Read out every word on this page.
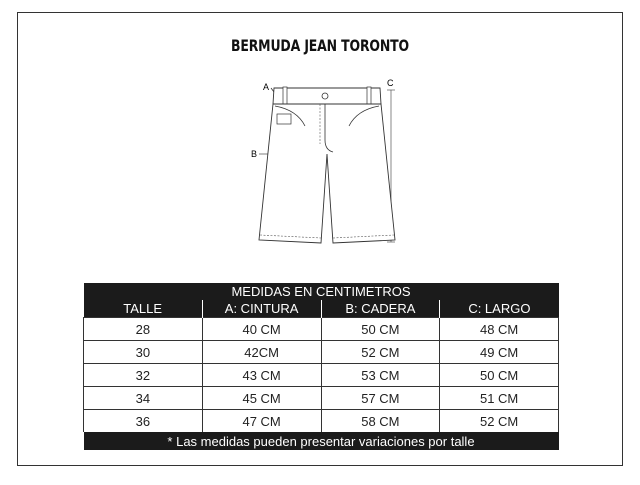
BERMUDA JEAN TORONTO
A
B
C
MEDIDAS EN CENTIMETROS			
TALLE	A: CINTURA	B: CADERA	C: LARGO
28	40 CM	50 CM	48 CM
30	42CM	52 CM	49 CM
32	43 CM	53 CM	50 CM
34	45 CM	57 CM	51 CM
36	47 CM	58 CM	52 CM
* Las medidas pueden presentar variaciones por talle			
